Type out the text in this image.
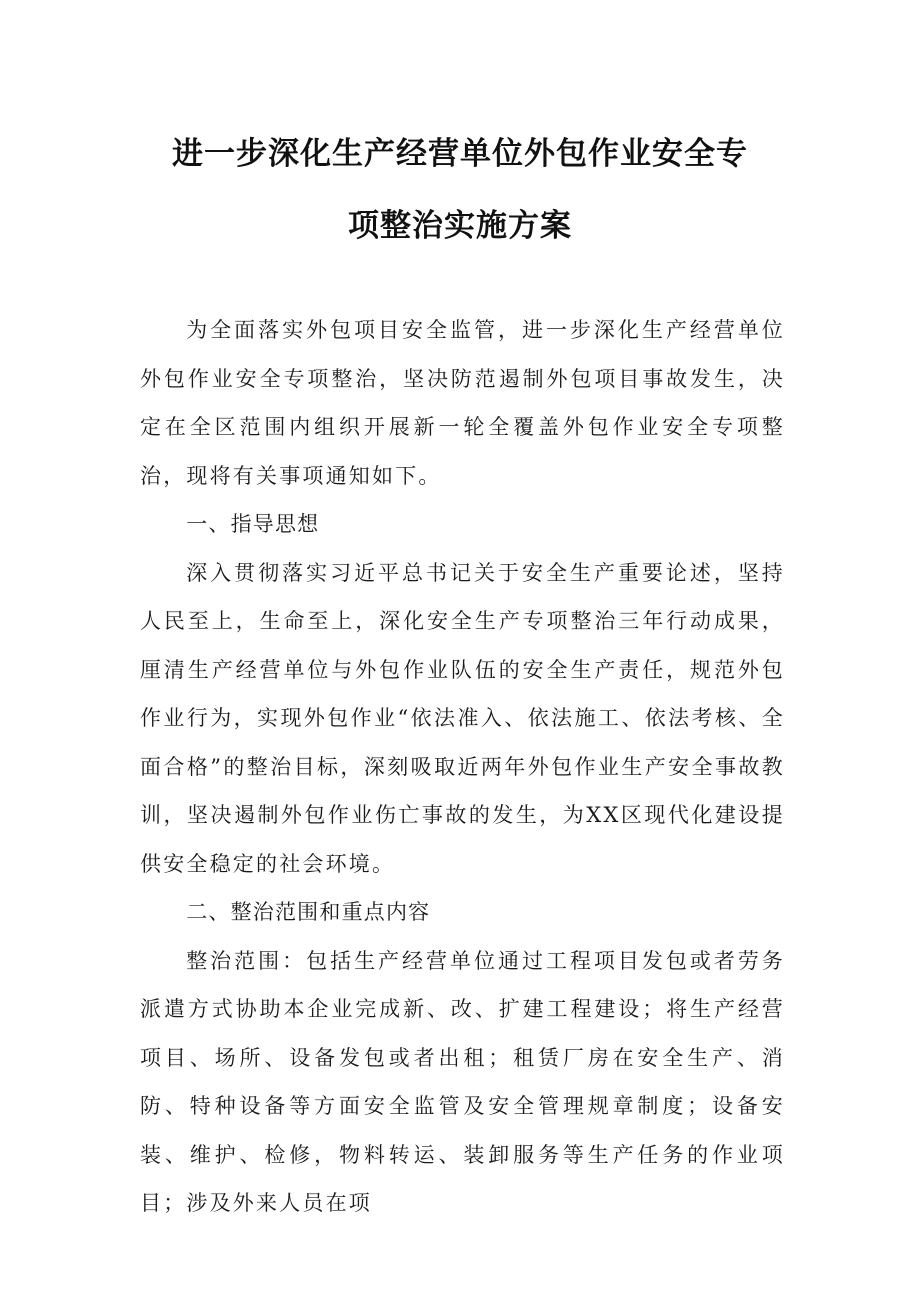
进一步深化生产经营单位外包作业安全专
项整治实施方案

为全面落实外包项目安全监管，进一步深化生产经营单位外包作业安全专项整治，坚决防范遏制外包项目事故发生，决定在全区范围内组织开展新一轮全覆盖外包作业安全专项整治，现将有关事项通知如下。

一、指导思想

深入贯彻落实习近平总书记关于安全生产重要论述，坚持人民至上，生命至上，深化安全生产专项整治三年行动成果，厘清生产经营单位与外包作业队伍的安全生产责任，规范外包作业行为，实现外包作业“依法准入、依法施工、依法考核、全面合格”的整治目标，深刻吸取近两年外包作业生产安全事故教训，坚决遏制外包作业伤亡事故的发生，为XX区现代化建设提供安全稳定的社会环境。

二、整治范围和重点内容

整治范围：包括生产经营单位通过工程项目发包或者劳务派遣方式协助本企业完成新、改、扩建工程建设；将生产经营项目、场所、设备发包或者出租；租赁厂房在安全生产、消防、特种设备等方面安全监管及安全管理规章制度；设备安装、维护、检修，物料转运、装卸服务等生产任务的作业项目；涉及外来人员在项
